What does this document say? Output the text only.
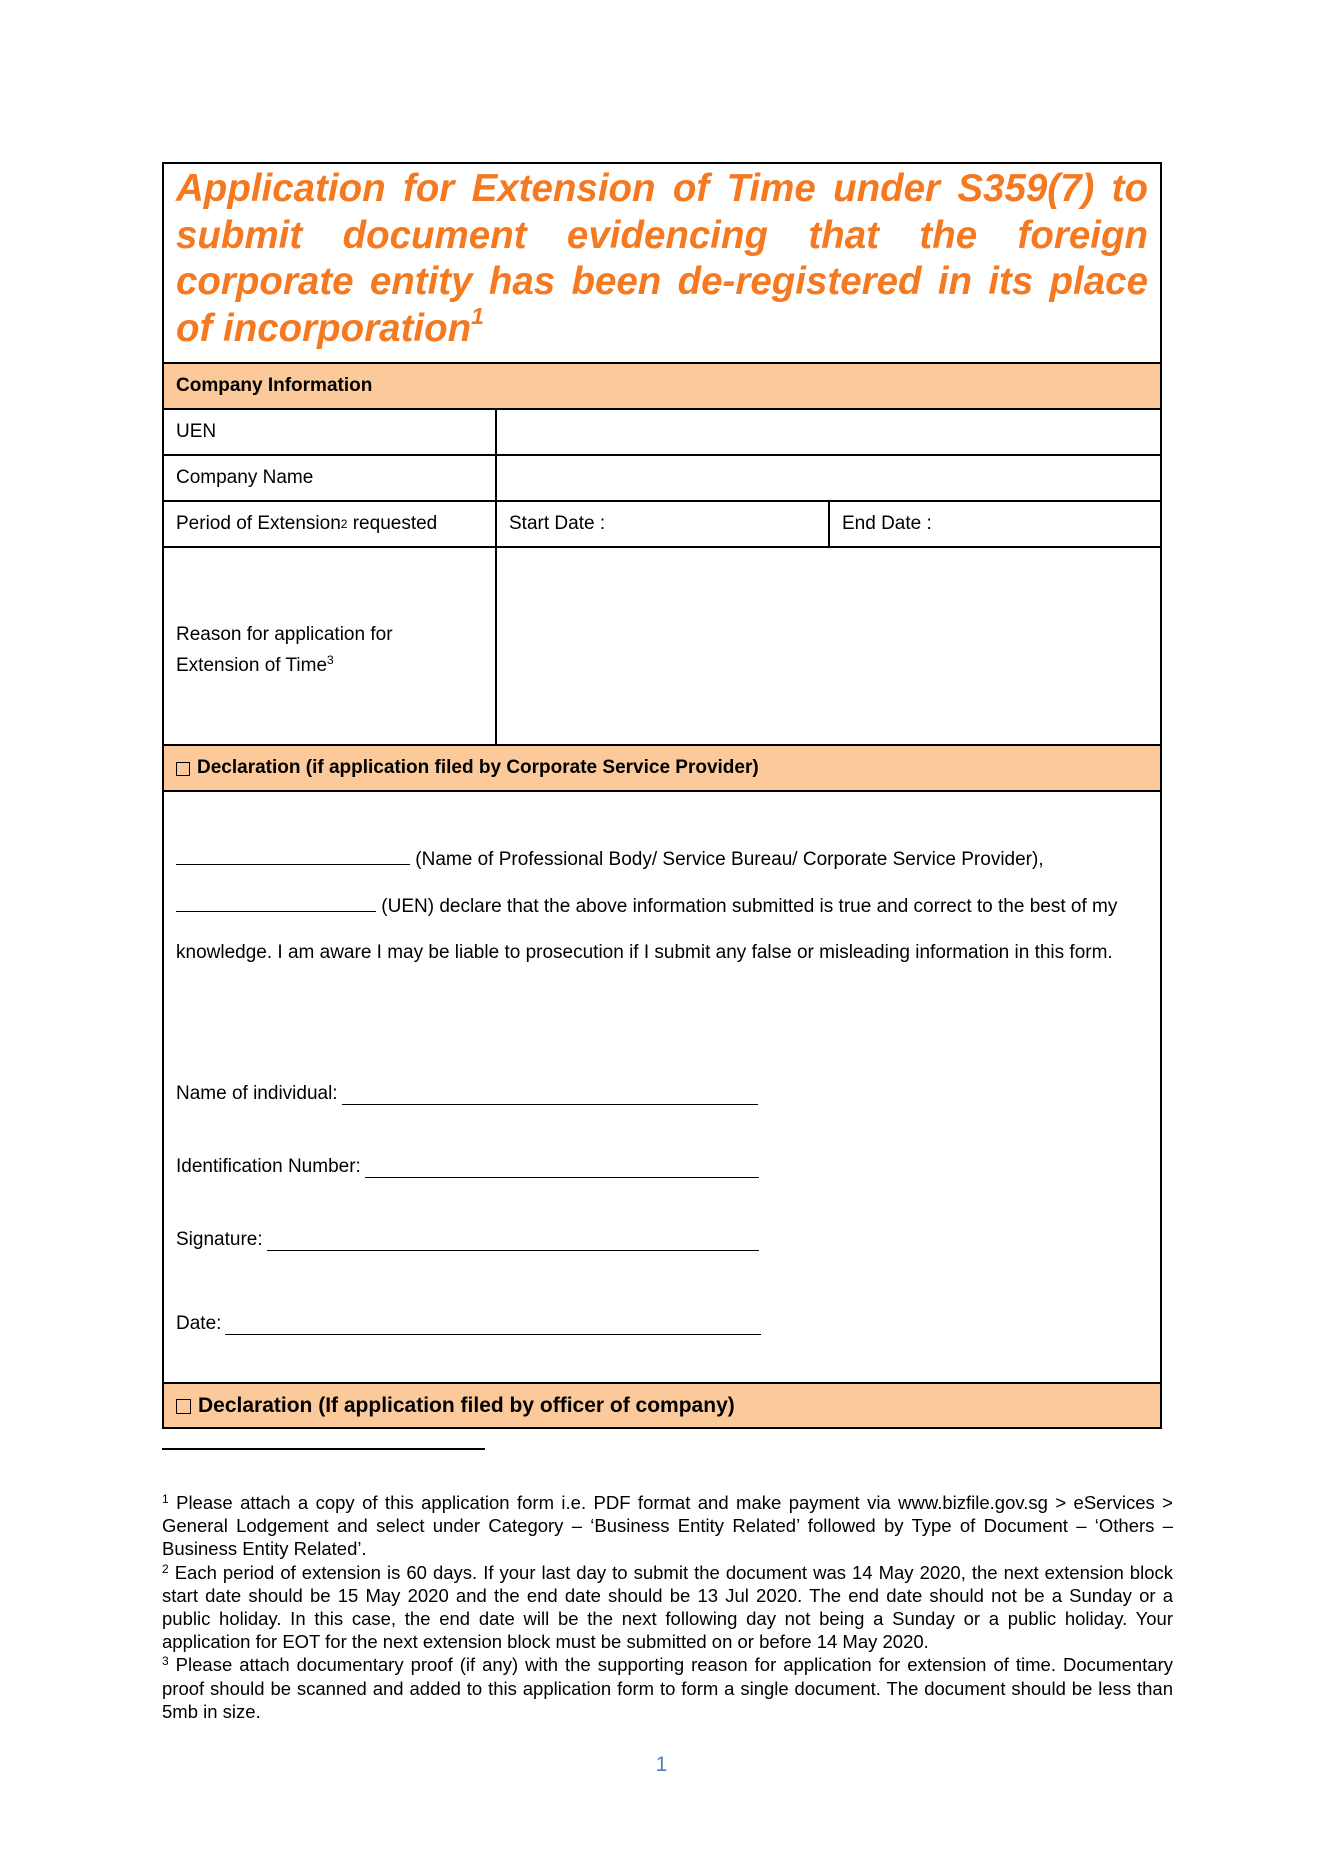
Application for Extension of Time under S359(7) to submit document evidencing that the foreign corporate entity has been de-registered in its place of incorporation$^1$
Company Information
UEN
Company Name
Period of Extension 2 requested	Start Date :	End Date :
Reason for application for
Extension of Time$^3$
Declaration (if application filed by Corporate Service Provider)
(Name of Professional Body/ Service Bureau/ Corporate Service Provider),
(UEN) declare that the above information submitted is true and correct to the best of my knowledge. I am aware I may be liable to prosecution if I submit any false or misleading information in this form.
Name of individual:
Identification Number:
Signature:
Date:
Declaration (If application filed by officer of company)

$^1$ Please attach a copy of this application form i.e. PDF format and make payment via www.bizfile.gov.sg > eServices > General Lodgement and select under Category – ‘Business Entity Related’ followed by Type of Document – ‘Others – Business Entity Related’.

$^2$ Each period of extension is 60 days. If your last day to submit the document was 14 May 2020, the next extension block start date should be 15 May 2020 and the end date should be 13 Jul 2020. The end date should not be a Sunday or a public holiday. In this case, the end date will be the next following day not being a Sunday or a public holiday. Your application for EOT for the next extension block must be submitted on or before 14 May 2020.

$^3$ Please attach documentary proof (if any) with the supporting reason for application for extension of time. Documentary proof should be scanned and added to this application form to form a single document. The document should be less than 5mb in size.

1
